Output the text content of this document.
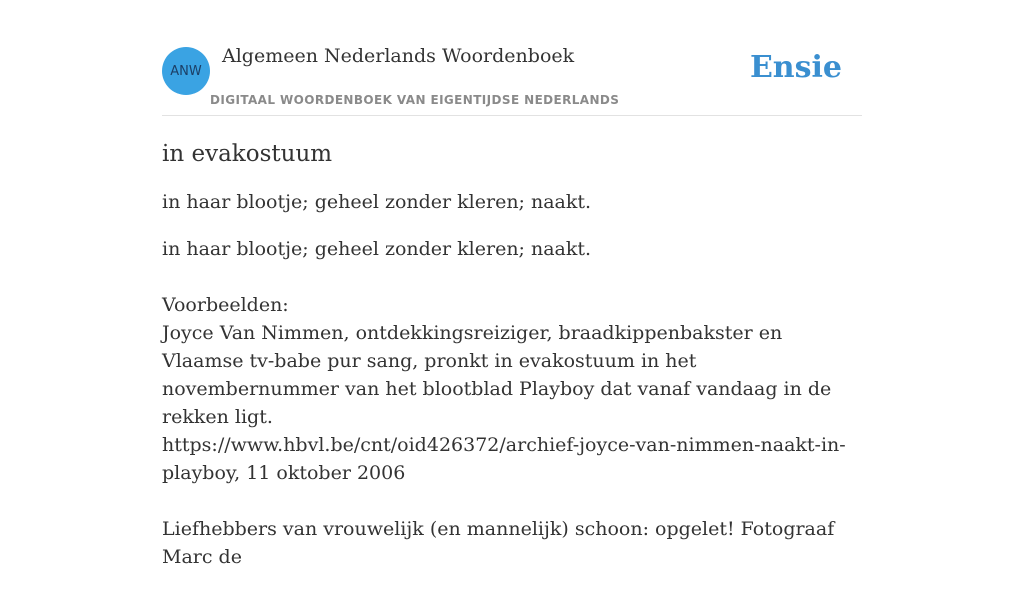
ANW
Algemeen Nederlands Woordenboek
DIGITAAL WOORDENBOEK VAN EIGENTIJDSE NEDERLANDS
Ensie
in evakostuum

in haar blootje; geheel zonder kleren; naakt.

in haar blootje; geheel zonder kleren; naakt.

Voorbeelden:

Joyce Van Nimmen, ontdekkingsreiziger, braadkippenbakster en Vlaamse tv-babe pur sang, pronkt in evakostuum in het novembernummer van het blootblad Playboy dat vanaf vandaag in de rekken ligt.
https://www.hbvl.be/cnt/oid426372/archief-joyce-van-nimmen-naakt-in-playboy, 11 oktober 2006
Liefhebbers van vrouwelijk (en mannelijk) schoon: opgelet! Fotograaf Marc de
